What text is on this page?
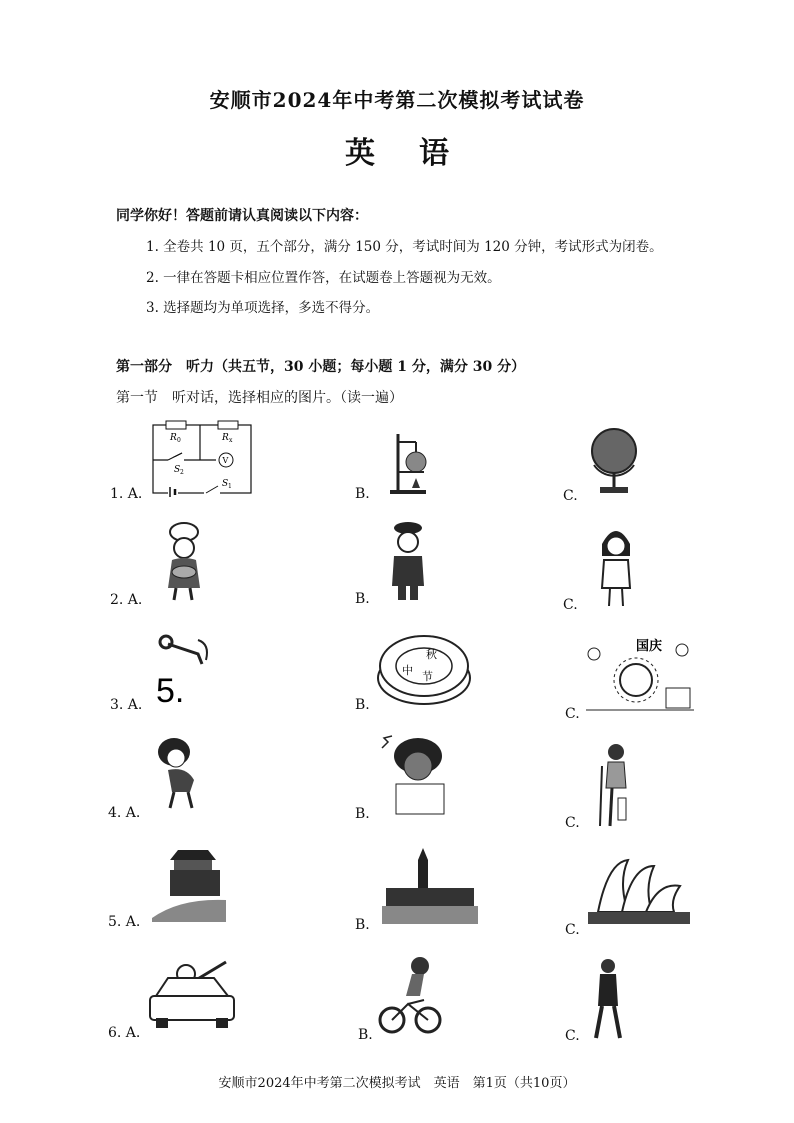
安顺市2024年中考第二次模拟考试试卷
英 语
同学你好！答题前请认真阅读以下内容：
1. 全卷共 10 页，五个部分，满分 150 分，考试时间为 120 分钟，考试形式为闭卷。
2. 一律在答题卡相应位置作答，在试题卷上答题视为无效。
3. 选择题均为单项选择，多选不得分。
第一部分　听力（共五节，30 小题；每小题 1 分，满分 30 分）
第一节　听对话，选择相应的图片。（读一遍）
1. A.
R 0	R x
S 2
S 1
V
B.	C.
2. A.	B.	C.
3. A. 5.	B.
中
秋
节
C.
国庆
4. A.	B.
C.
5. A.	B.	C.
6. A.	B.	C.
安顺市2024年中考第二次模拟考试　英语　第1页（共10页）
